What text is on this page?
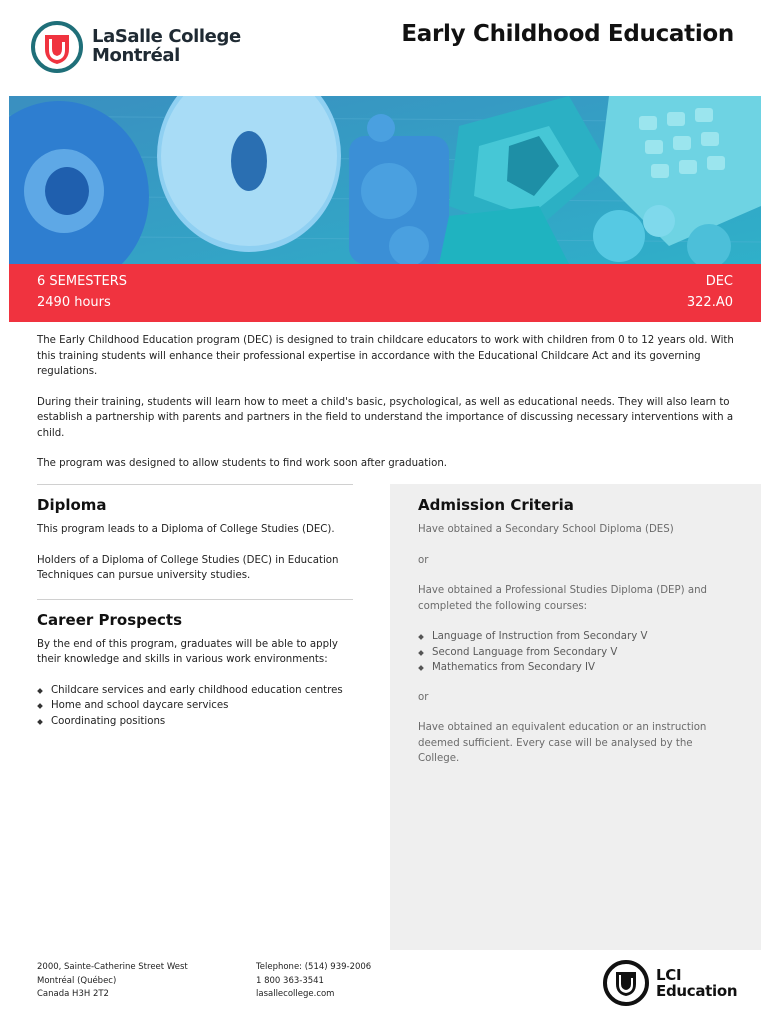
LaSalle College
Montréal
Early Childhood Education
6 SEMESTERS
2490 hours
DEC
322.A0

The Early Childhood Education program (DEC) is designed to train childcare educators to work with children from 0 to 12 years old. With this training students will enhance their professional expertise in accordance with the Educational Childcare Act and its governing regulations.

During their training, students will learn how to meet a child's basic, psychological, as well as educational needs. They will also learn to establish a partnership with parents and partners in the field to understand the importance of discussing necessary interventions with a child.

The program was designed to allow students to find work soon after graduation.

Diploma

This program leads to a Diploma of College Studies (DEC).

Holders of a Diploma of College Studies (DEC) in Education Techniques can pursue university studies.

Career Prospects

By the end of this program, graduates will be able to apply their knowledge and skills in various work environments:

Childcare services and early childhood education centres
Home and school daycare services
Coordinating positions
Admission Criteria

Have obtained a Secondary School Diploma (DES)

or

Have obtained a Professional Studies Diploma (DEP) and completed the following courses:

Language of Instruction from Secondary V
Second Language from Secondary V
Mathematics from Secondary IV

or

Have obtained an equivalent education or an instruction deemed sufficient. Every case will be analysed by the College.

2000, Sainte-Catherine Street West
Montréal (Québec)
Canada H3H 2T2
Telephone: (514) 939-2006
1 800 363-3541
lasallecollege.com
LCI
Education
